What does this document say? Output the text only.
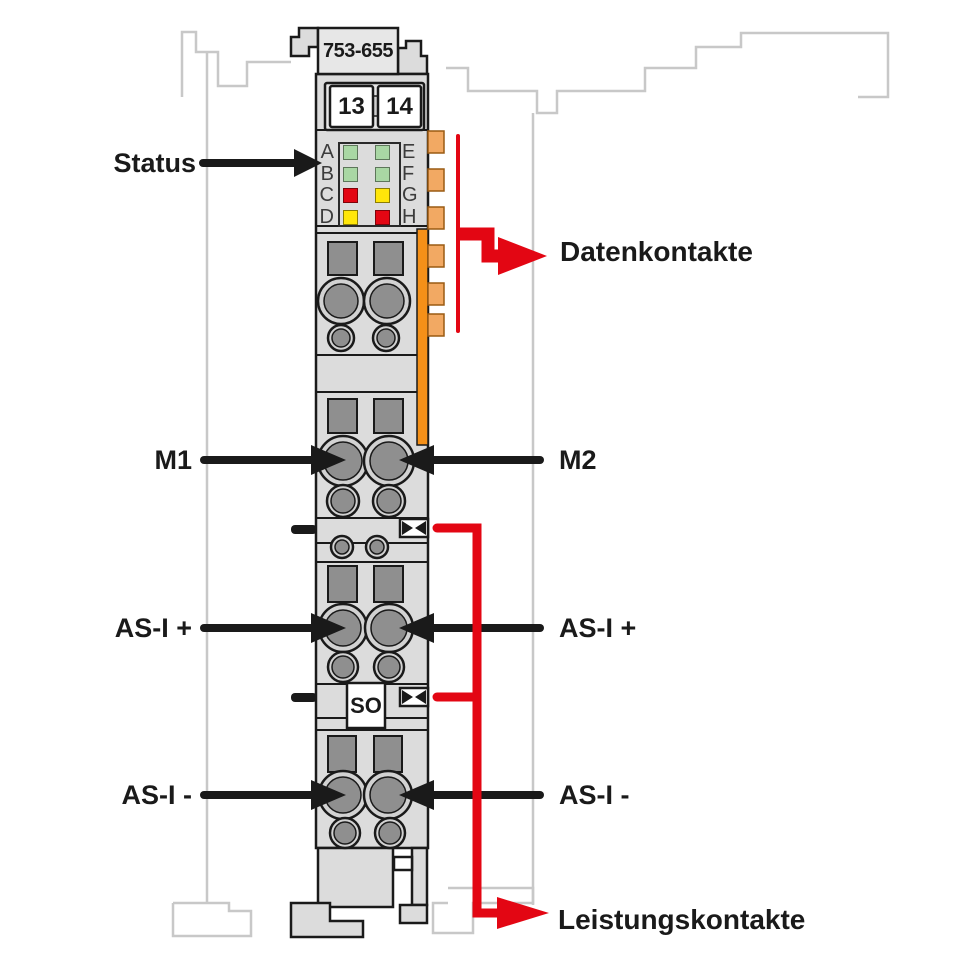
753-655
13 14
SO
A	E
B	F
C	G
D	H
Status
M1	M2
AS-I +	AS-I +
AS-I -	AS-I -
Datenkontakte
Leistungskontakte
